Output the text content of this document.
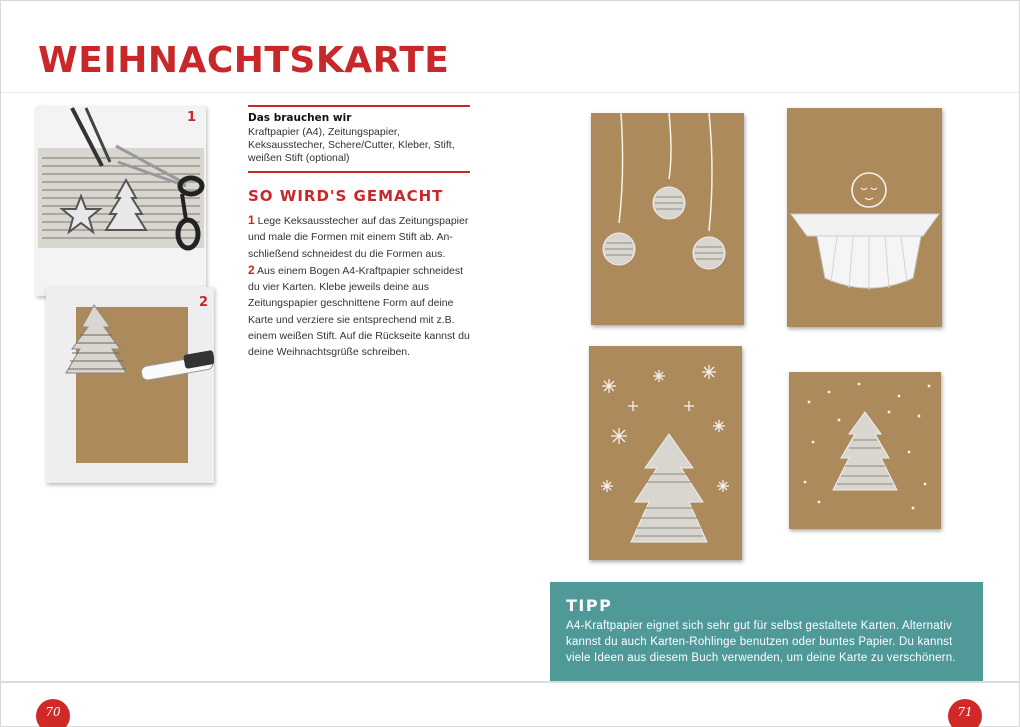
WEIHNACHTSKARTE
1
2
Das brauchen wir
Kraftpapier (A4), Zeitungspapier, Keksausstecher, Schere/Cutter, Kleber, Stift, weißen Stift (optional)
SO WIRD'S GEMACHT

1 Lege Keksausstecher auf das Zeitungspapier und male die Formen mit einem Stift ab. Anschließend schneidest du die Formen aus.

2 Aus einem Bogen A4-Kraftpapier schneidest du vier Karten. Klebe jeweils deine aus Zeitungspapier geschnittene Form auf deine Karte und verziere sie entsprechend mit z.B. einem weißen Stift. Auf die Rückseite kannst du deine Weihnachtsgrüße schreiben.

TIPP
A4-Kraftpapier eignet sich sehr gut für selbst gestaltete Karten. Alternativ kannst du auch Karten-Rohlinge benutzen oder buntes Papier. Du kannst viele Ideen aus diesem Buch verwenden, um deine Karte zu verschönern.
70	71
